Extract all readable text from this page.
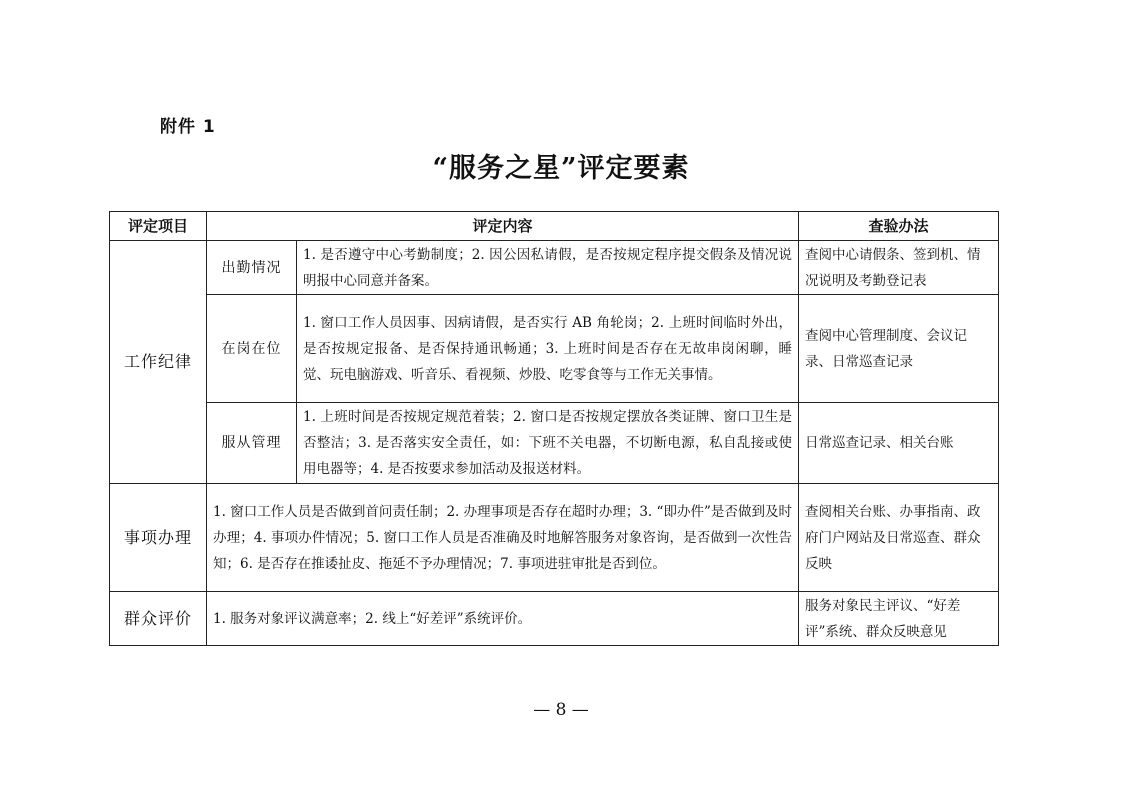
附件 1
“服务之星”评定要素
评定项目	评定内容		查验办法
工作纪律	出勤情况	1. 是否遵守中心考勤制度；2. 因公因私请假，是否按规定程序提交假条及情况说明报中心同意并备案。	查阅中心请假条、签到机、情况说明及考勤登记表
	在岗在位	1. 窗口工作人员因事、因病请假，是否实行 AB 角轮岗；2. 上班时间临时外出，是否按规定报备、是否保持通讯畅通；3. 上班时间是否存在无故串岗闲聊，睡觉、玩电脑游戏、听音乐、看视频、炒股、吃零食等与工作无关事情。	查阅中心管理制度、会议记录、日常巡查记录
	服从管理	1. 上班时间是否按规定规范着装；2. 窗口是否按规定摆放各类证牌、窗口卫生是否整洁；3. 是否落实安全责任，如：下班不关电器，不切断电源，私自乱接或使用电器等；4. 是否按要求参加活动及报送材料。	日常巡查记录、相关台账
事项办理	1. 窗口工作人员是否做到首问责任制；2. 办理事项是否存在超时办理；3. “即办件”是否做到及时办理；4. 事项办件情况；5. 窗口工作人员是否准确及时地解答服务对象咨询，是否做到一次性告知；6. 是否存在推诿扯皮、拖延不予办理情况；7. 事项进驻审批是否到位。		查阅相关台账、办事指南、政府门户网站及日常巡查、群众反映
群众评价	1. 服务对象评议满意率；2. 线上“好差评”系统评价。		服务对象民主评议、“好差评”系统、群众反映意见
— 8 —
